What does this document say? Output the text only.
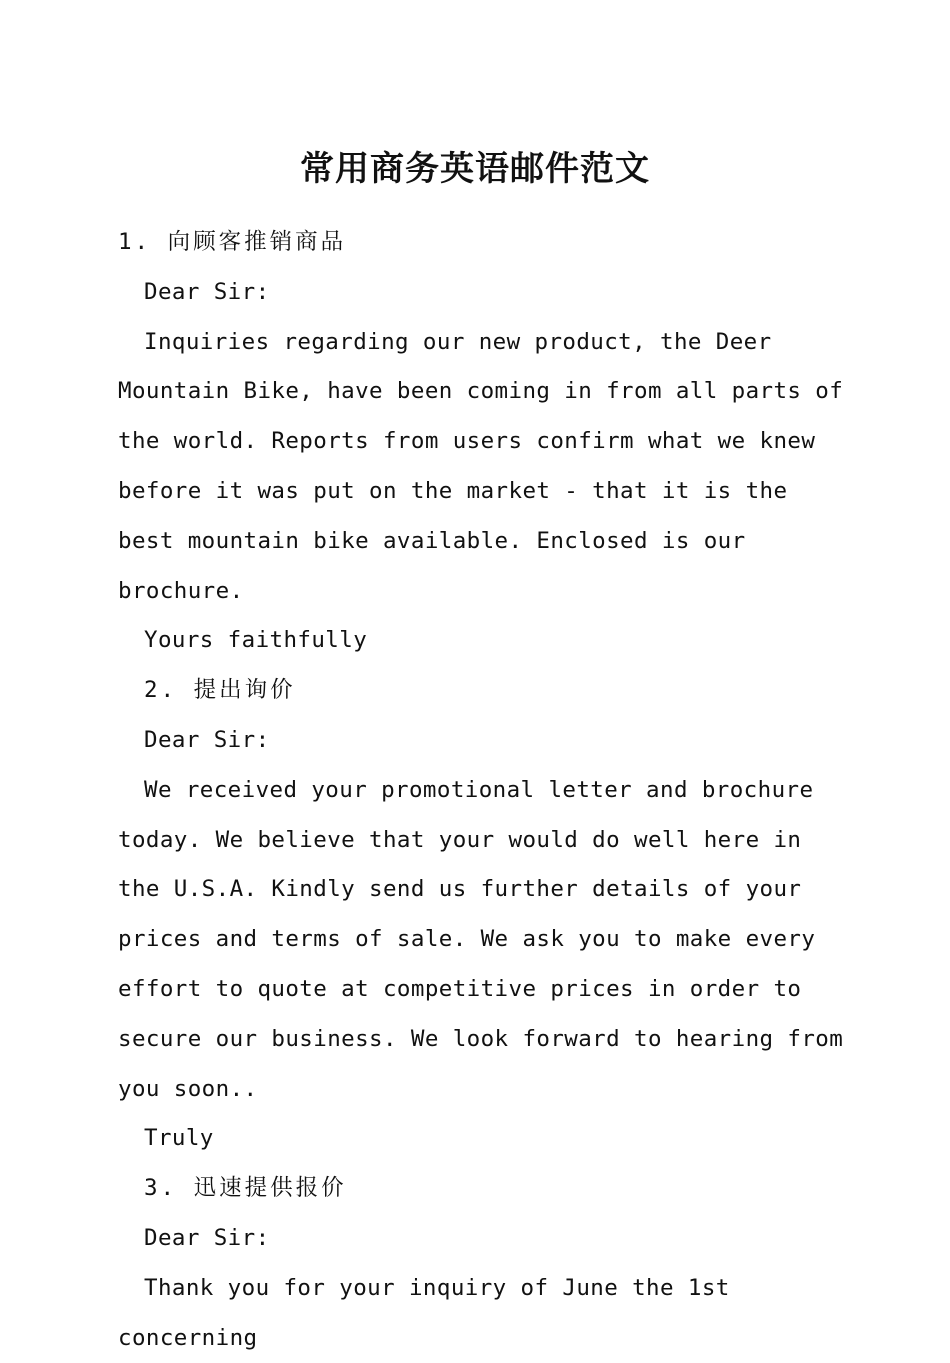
常用商务英语邮件范文

1. 向顾客推销商品

Dear Sir:

Inquiries regarding our new product, the Deer Mountain Bike, have been coming in from all parts of the world. Reports from users confirm what we knew before it was put on the market - that it is the best mountain bike available. Enclosed is our brochure.

Yours faithfully

2. 提出询价

Dear Sir:

We received your promotional letter and brochure today. We believe that your would do well here in the U.S.A. Kindly send us further details of your prices and terms of sale. We ask you to make every effort to quote at competitive prices in order to secure our business. We look forward to hearing from you soon..

Truly

3. 迅速提供报价

Dear Sir:

Thank you for your inquiry of June the 1st concerning
